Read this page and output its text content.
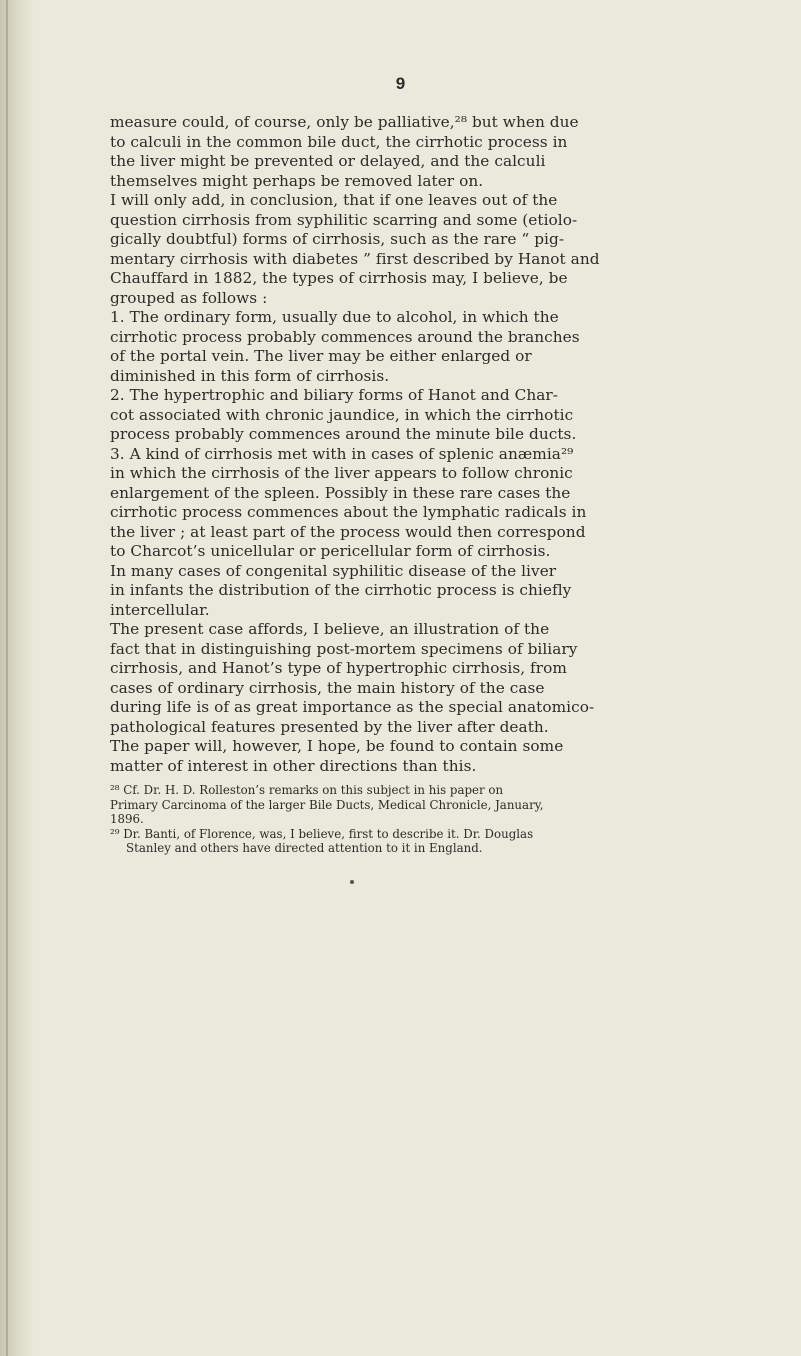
9
measure could, of course, only be palliative,²⁸ but when due
to calculi in the common bile duct, the cirrhotic process in
the liver might be prevented or delayed, and the calculi
themselves might perhaps be removed later on.
I will only add, in conclusion, that if one leaves out of the
question cirrhosis from syphilitic scarring and some (etiolo-
gically doubtful) forms of cirrhosis, such as the rare “ pig-
mentary cirrhosis with diabetes ” first described by Hanot and
Chauffard in 1882, the types of cirrhosis may, I believe, be
grouped as follows :
1. The ordinary form, usually due to alcohol, in which the
cirrhotic process probably commences around the branches
of the portal vein. The liver may be either enlarged or
diminished in this form of cirrhosis.
2. The hypertrophic and biliary forms of Hanot and Char-
cot associated with chronic jaundice, in which the cirrhotic
process probably commences around the minute bile ducts.
3. A kind of cirrhosis met with in cases of splenic anæmia²⁹
in which the cirrhosis of the liver appears to follow chronic
enlargement of the spleen. Possibly in these rare cases the
cirrhotic process commences about the lymphatic radicals in
the liver ; at least part of the process would then correspond
to Charcot’s unicellular or pericellular form of cirrhosis.
In many cases of congenital syphilitic disease of the liver
in infants the distribution of the cirrhotic process is chiefly
intercellular.
The present case affords, I believe, an illustration of the
fact that in distinguishing post-mortem specimens of biliary
cirrhosis, and Hanot’s type of hypertrophic cirrhosis, from
cases of ordinary cirrhosis, the main history of the case
during life is of as great importance as the special anatomico-
pathological features presented by the liver after death.
The paper will, however, I hope, be found to contain some
matter of interest in other directions than this.
²⁸ Cf. Dr. H. D. Rolleston’s remarks on this subject in his paper on
Primary Carcinoma of the larger Bile Ducts, Medical Chronicle, January,
1896.
²⁹ Dr. Banti, of Florence, was, I believe, first to describe it. Dr. Douglas
Stanley and others have directed attention to it in England.
